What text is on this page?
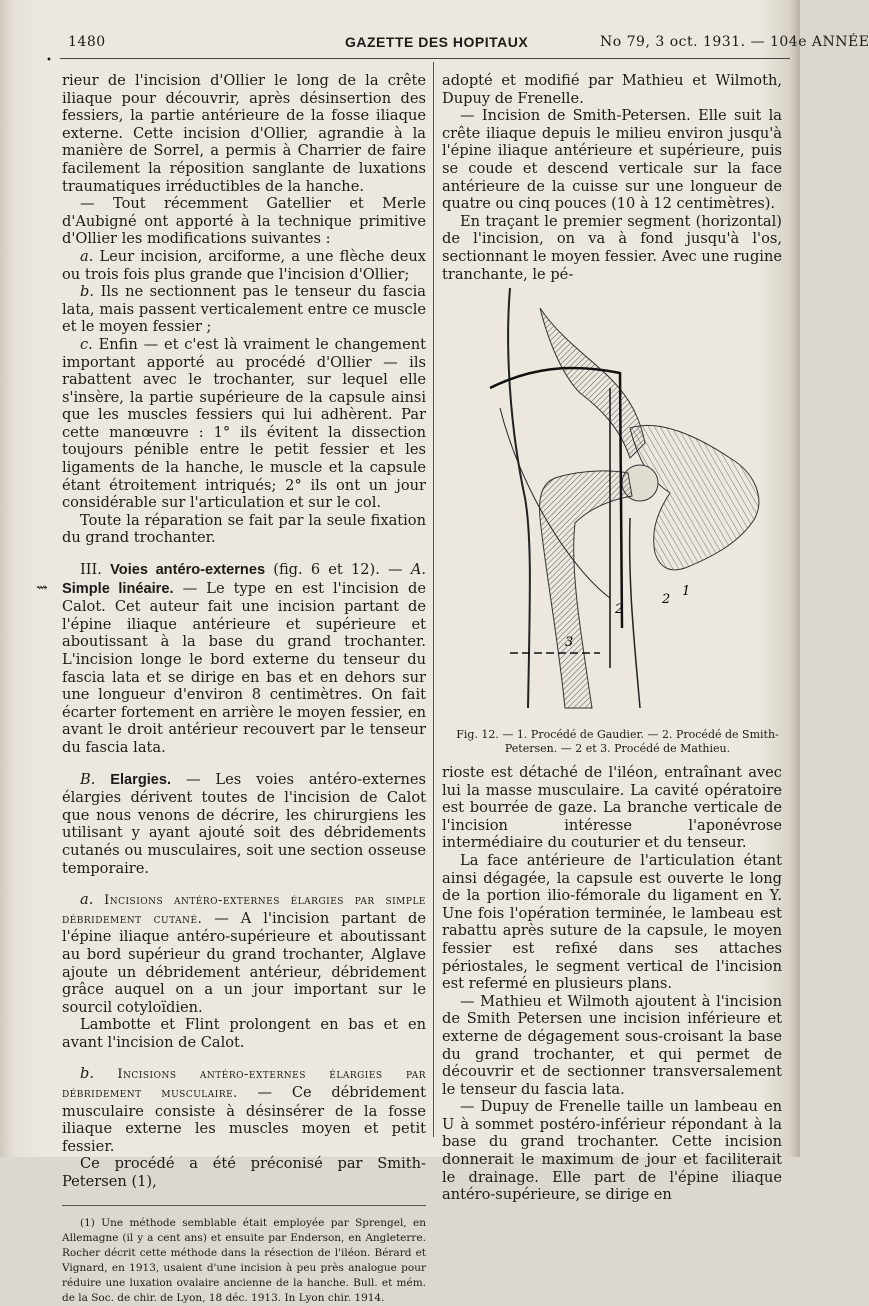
•
1480	GAZETTE DES HOPITAUX	No 79, 3 oct. 1931. — 104e ANNÉE
⇝

rieur de l'incision d'Ollier le long de la crête iliaque pour découvrir, après désinsertion des fessiers, la partie antérieure de la fosse iliaque externe. Cette incision d'Ollier, agrandie à la manière de Sorrel, a permis à Charrier de faire facilement la réposition sanglante de luxations traumatiques irréductibles de la hanche.

— Tout récemment Gatellier et Merle d'Aubigné ont apporté à la technique primitive d'Ollier les modifications suivantes :

a. Leur incision, arciforme, a une flèche deux ou trois fois plus grande que l'incision d'Ollier;

b. Ils ne sectionnent pas le tenseur du fascia lata, mais passent verticalement entre ce muscle et le moyen fessier ;

c. Enfin — et c'est là vraiment le changement important apporté au procédé d'Ollier — ils rabattent avec le trochanter, sur lequel elle s'insère, la partie supérieure de la capsule ainsi que les muscles fessiers qui lui adhèrent. Par cette manœuvre : 1° ils évitent la dissection toujours pénible entre le petit fessier et les ligaments de la hanche, le muscle et la capsule étant étroitement intriqués; 2° ils ont un jour considérable sur l'articulation et sur le col.

Toute la réparation se fait par la seule fixation du grand trochanter.

III. Voies antéro-externes (fig. 6 et 12). — A. Simple linéaire. — Le type en est l'incision de Calot. Cet auteur fait une incision partant de l'épine iliaque antérieure et supérieure et aboutissant à la base du grand trochanter. L'incision longe le bord externe du tenseur du fascia lata et se dirige en bas et en dehors sur une longueur d'environ 8 centimètres. On fait écarter fortement en arrière le moyen fessier, en avant le droit antérieur recouvert par le tenseur du fascia lata.

B. Elargies. — Les voies antéro-externes élargies dérivent toutes de l'incision de Calot que nous venons de décrire, les chirurgiens les utilisant y ayant ajouté soit des débridements cutanés ou musculaires, soit une section osseuse temporaire.

a. Incisions antéro-externes élargies par simple débridement cutané. — A l'incision partant de l'épine iliaque antéro-supérieure et aboutissant au bord supérieur du grand trochanter, Alglave ajoute un débridement antérieur, débridement grâce auquel on a un jour important sur le sourcil cotyloïdien.

Lambotte et Flint prolongent en bas et en avant l'incision de Calot.

b. Incisions antéro-externes élargies par débridement musculaire. — Ce débridement musculaire consiste à désinsérer de la fosse iliaque externe les muscles moyen et petit fessier.

Ce procédé a été préconisé par Smith-Petersen (1),

(1) Une méthode semblable était employée par Sprengel, en Allemagne (il y a cent ans) et ensuite par Enderson, en Angleterre. Rocher décrit cette méthode dans la résection de l'iléon. Bérard et Vignard, en 1913, usaient d'une incision à peu près analogue pour réduire une luxation ovalaire ancienne de la hanche. Bull. et mém. de la Soc. de chir. de Lyon, 18 déc. 1913. In Lyon chir. 1914.

adopté et modifié par Mathieu et Wilmoth, Dupuy de Frenelle.

— Incision de Smith-Petersen. Elle suit la crête iliaque depuis le milieu environ jusqu'à l'épine iliaque antérieure et supérieure, puis se coude et descend verticale sur la face antérieure de la cuisse sur une longueur de quatre ou cinq pouces (10 à 12 centimètres).

En traçant le premier segment (horizontal) de l'incision, on va à fond jusqu'à l'os, sectionnant le moyen fessier. Avec une rugine tranchante, le pé-

2
2
1
3
Fig. 12. — 1. Procédé de Gaudier. — 2. Procédé de Smith-Petersen. — 2 et 3. Procédé de Mathieu.

rioste est détaché de l'iléon, entraînant avec lui la masse musculaire. La cavité opératoire est bourrée de gaze. La branche verticale de l'incision intéresse l'aponévrose intermédiaire du couturier et du tenseur.

La face antérieure de l'articulation étant ainsi dégagée, la capsule est ouverte le long de la portion ilio-fémorale du ligament en Y. Une fois l'opération terminée, le lambeau est rabattu après suture de la capsule, le moyen fessier est refixé dans ses attaches périostales, le segment vertical de l'incision est refermé en plusieurs plans.

— Mathieu et Wilmoth ajoutent à l'incision de Smith Petersen une incision inférieure et externe de dégagement sous-croisant la base du grand trochanter, et qui permet de découvrir et de sectionner transversalement le tenseur du fascia lata.

— Dupuy de Frenelle taille un lambeau en U à sommet postéro-inférieur répondant à la base du grand trochanter. Cette incision donnerait le maximum de jour et faciliterait le drainage. Elle part de l'épine iliaque antéro-supérieure, se dirige en
